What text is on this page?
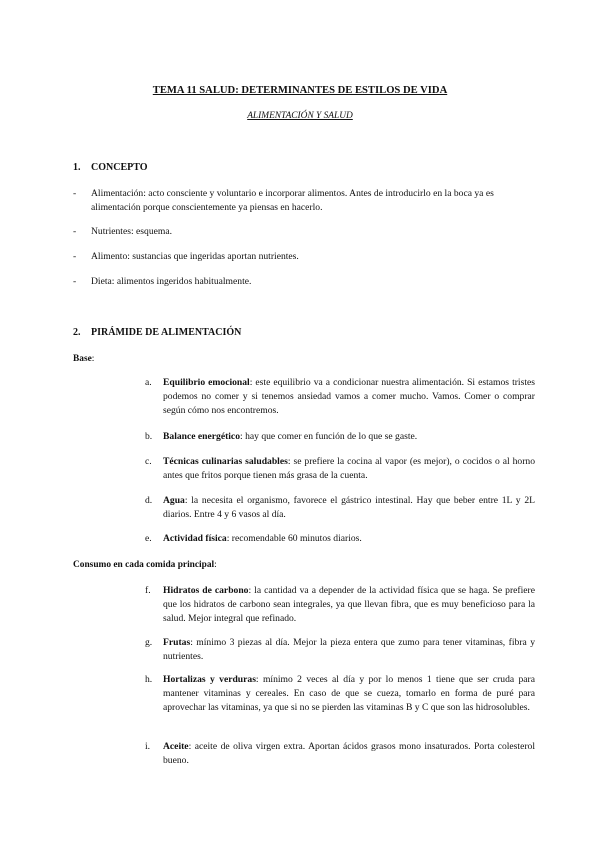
TEMA 11 SALUD: DETERMINANTES DE ESTILOS DE VIDA
ALIMENTACIÓN Y SALUD
1. CONCEPTO
- Alimentación: acto consciente y voluntario e incorporar alimentos. Antes de introducirlo en la boca ya es alimentación porque conscientemente ya piensas en hacerlo.
- Nutrientes: esquema.
- Alimento: sustancias que ingeridas aportan nutrientes.
- Dieta: alimentos ingeridos habitualmente.
2. PIRÁMIDE DE ALIMENTACIÓN
Base:
a. Equilibrio emocional: este equilibrio va a condicionar nuestra alimentación. Si estamos tristes podemos no comer y si tenemos ansiedad vamos a comer mucho. Vamos. Comer o comprar según cómo nos encontremos.
b. Balance energético: hay que comer en función de lo que se gaste.
c. Técnicas culinarias saludables: se prefiere la cocina al vapor (es mejor), o cocidos o al horno antes que fritos porque tienen más grasa de la cuenta.
d. Agua: la necesita el organismo, favorece el gástrico intestinal. Hay que beber entre 1L y 2L diarios. Entre 4 y 6 vasos al día.
e. Actividad física: recomendable 60 minutos diarios.
Consumo en cada comida principal:
f. Hidratos de carbono: la cantidad va a depender de la actividad física que se haga. Se prefiere que los hidratos de carbono sean integrales, ya que llevan fibra, que es muy beneficioso para la salud. Mejor integral que refinado.
g. Frutas: mínimo 3 piezas al día. Mejor la pieza entera que zumo para tener vitaminas, fibra y nutrientes.
h. Hortalizas y verduras: mínimo 2 veces al día y por lo menos 1 tiene que ser cruda para mantener vitaminas y cereales. En caso de que se cueza, tomarlo en forma de puré para aprovechar las vitaminas, ya que si no se pierden las vitaminas B y C que son las hidrosolubles.
i. Aceite: aceite de oliva virgen extra. Aportan ácidos grasos mono insaturados. Porta colesterol bueno.
